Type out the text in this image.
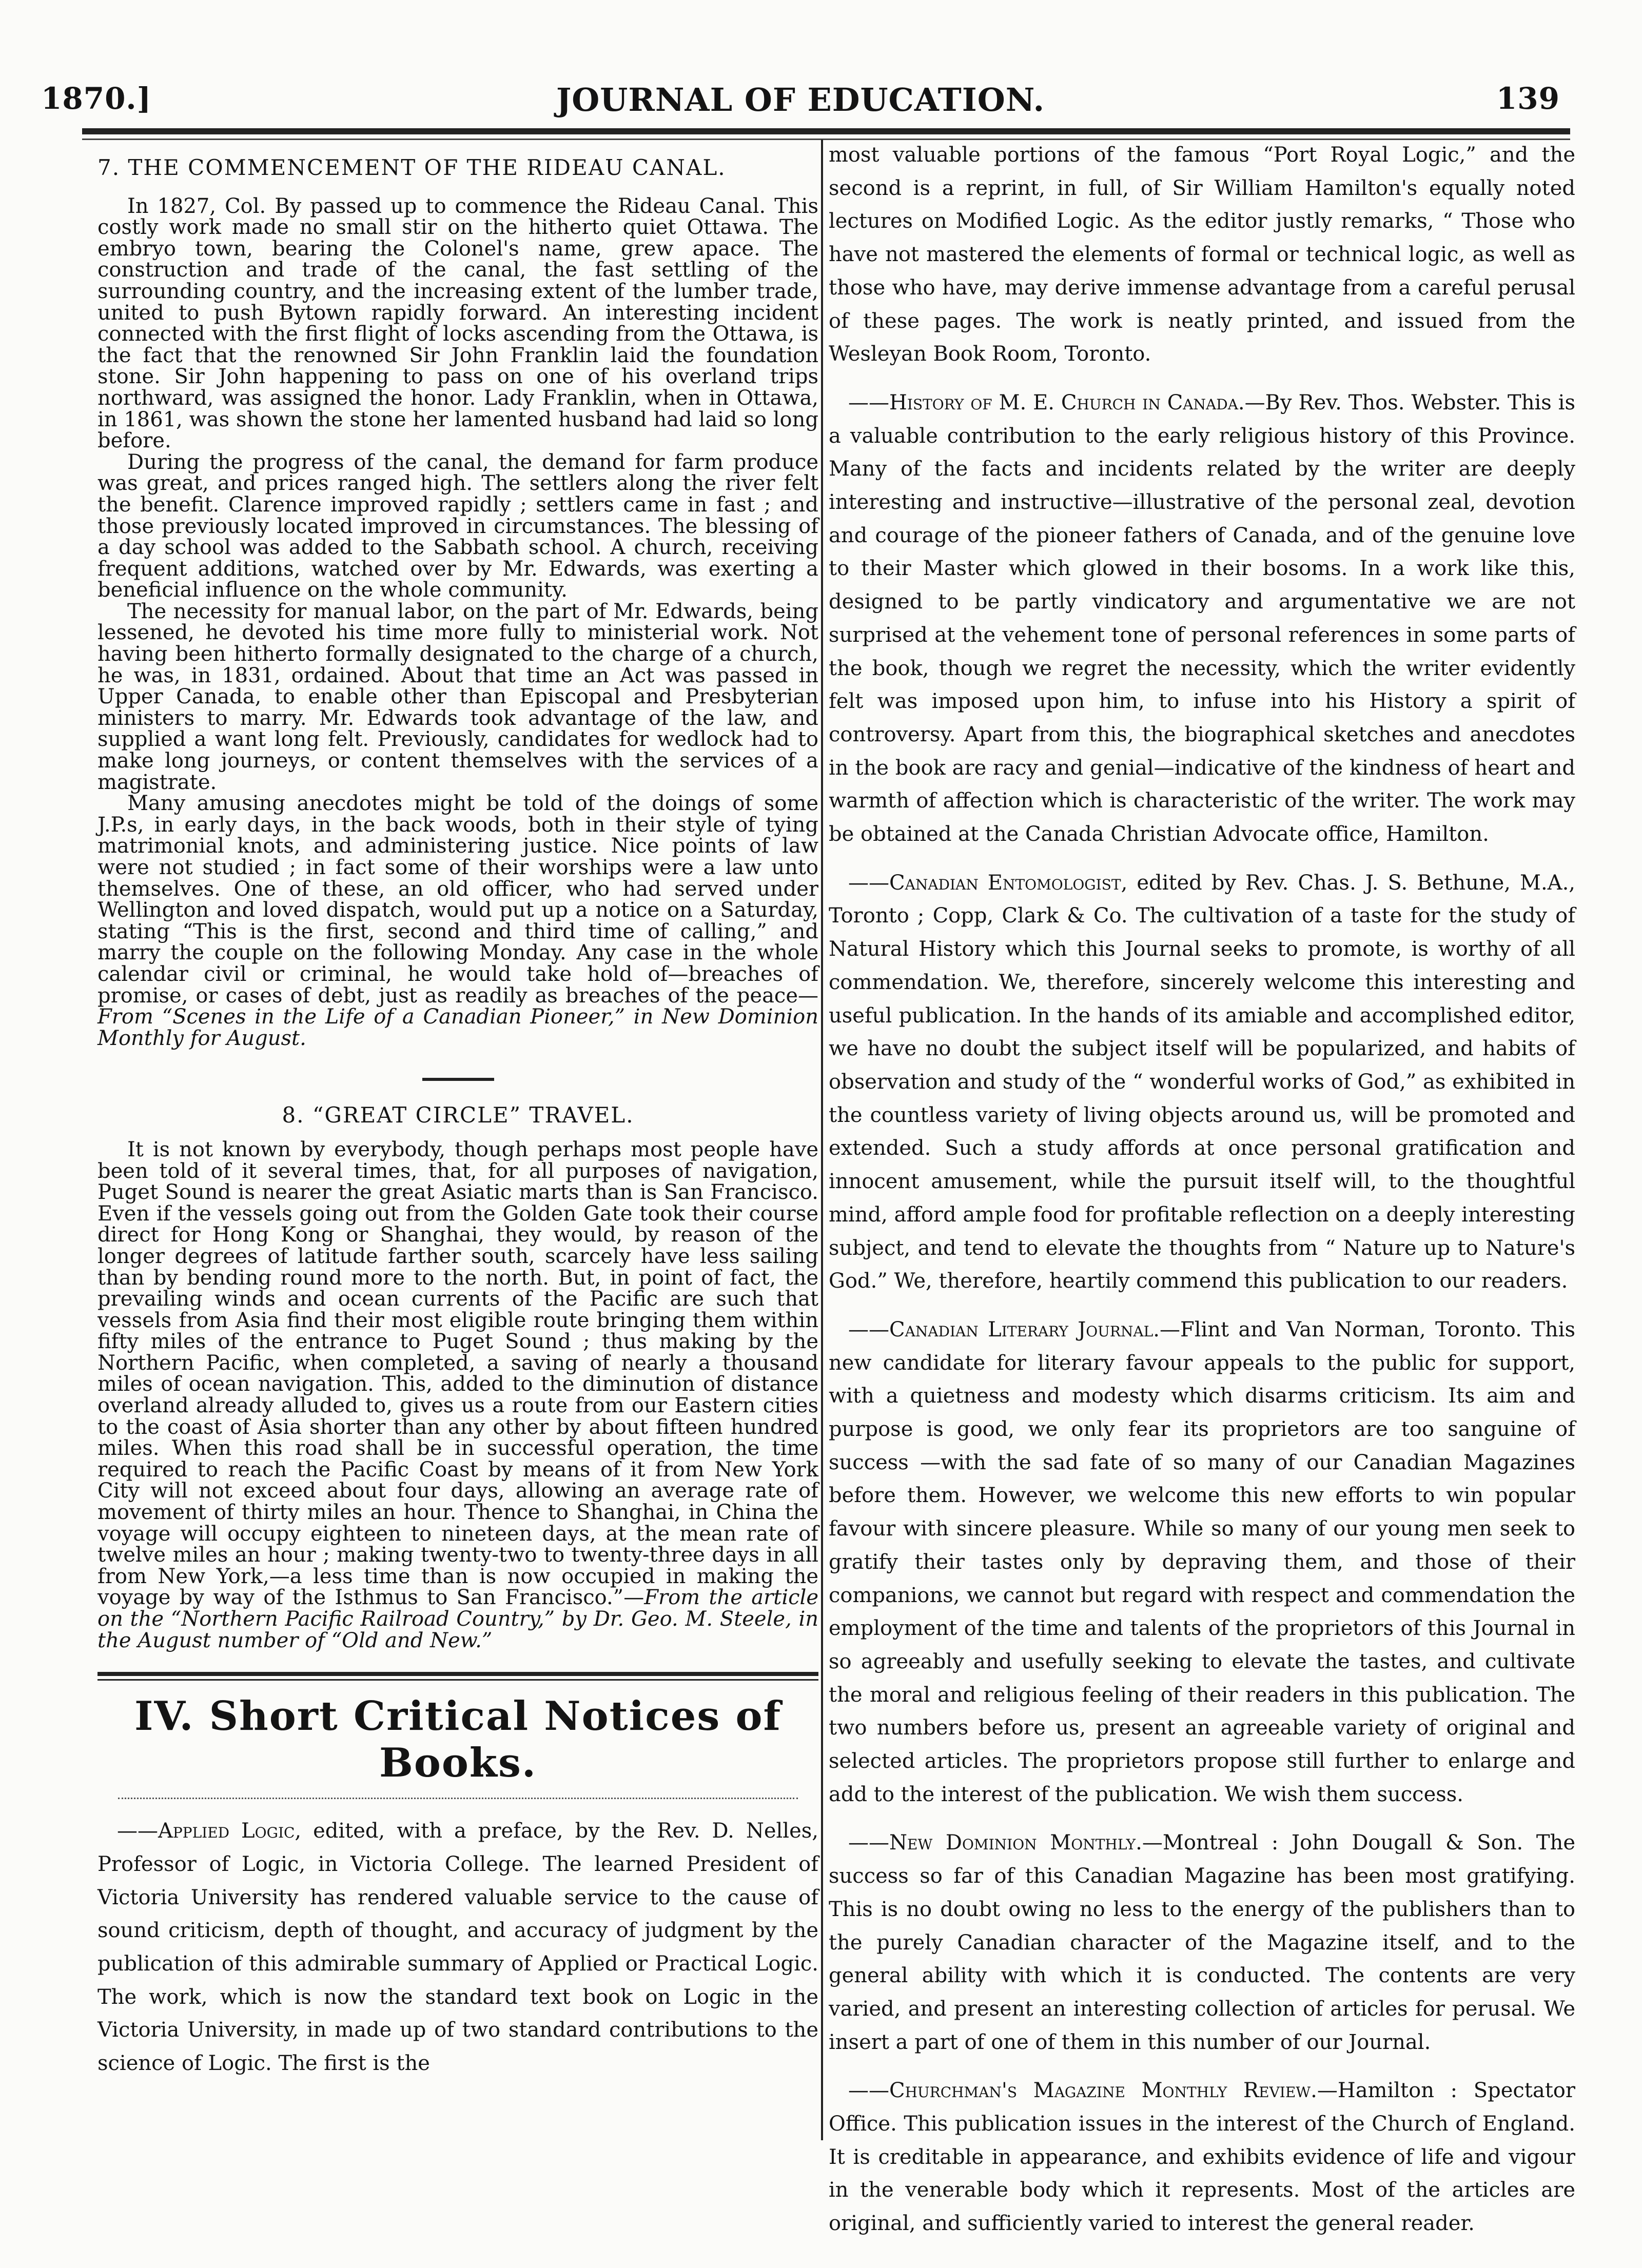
1870.]	JOURNAL OF EDUCATION.	139

7. THE COMMENCEMENT OF THE RIDEAU CANAL.

In 1827, Col. By passed up to commence the Rideau Canal. This costly work made no small stir on the hitherto quiet Ottawa. The embryo town, bearing the Colonel's name, grew apace. The construction and trade of the canal, the fast settling of the surrounding country, and the increasing extent of the lumber trade, united to push Bytown rapidly forward. An interesting incident connected with the first flight of locks ascending from the Ottawa, is the fact that the renowned Sir John Franklin laid the foundation stone. Sir John happening to pass on one of his overland trips northward, was assigned the honor. Lady Franklin, when in Ottawa, in 1861, was shown the stone her lamented husband had laid so long before.

During the progress of the canal, the demand for farm produce was great, and prices ranged high. The settlers along the river felt the benefit. Clarence improved rapidly ; settlers came in fast ; and those previously located improved in circumstances. The blessing of a day school was added to the Sabbath school. A church, receiving frequent additions, watched over by Mr. Edwards, was exerting a beneficial influence on the whole community.

The necessity for manual labor, on the part of Mr. Edwards, being lessened, he devoted his time more fully to ministerial work. Not having been hitherto formally designated to the charge of a church, he was, in 1831, ordained. About that time an Act was passed in Upper Canada, to enable other than Episcopal and Presbyterian ministers to marry. Mr. Edwards took advantage of the law, and supplied a want long felt. Previously, candidates for wedlock had to make long journeys, or content themselves with the services of a magistrate.

Many amusing anecdotes might be told of the doings of some J.P.s, in early days, in the back woods, both in their style of tying matrimonial knots, and administering justice. Nice points of law were not studied ; in fact some of their worships were a law unto themselves. One of these, an old officer, who had served under Wellington and loved dispatch, would put up a notice on a Saturday, stating “This is the first, second and third time of calling,” and marry the couple on the following Monday. Any case in the whole calendar civil or criminal, he would take hold of—breaches of promise, or cases of debt, just as readily as breaches of the peace—From “Scenes in the Life of a Canadian Pioneer,” in New Dominion Monthly for August.

8. “GREAT CIRCLE” TRAVEL.

It is not known by everybody, though perhaps most people have been told of it several times, that, for all purposes of navigation, Puget Sound is nearer the great Asiatic marts than is San Francisco. Even if the vessels going out from the Golden Gate took their course direct for Hong Kong or Shanghai, they would, by reason of the longer degrees of latitude farther south, scarcely have less sailing than by bending round more to the north. But, in point of fact, the prevailing winds and ocean currents of the Pacific are such that vessels from Asia find their most eligible route bringing them within fifty miles of the entrance to Puget Sound ; thus making by the Northern Pacific, when completed, a saving of nearly a thousand miles of ocean navigation. This, added to the diminution of distance overland already alluded to, gives us a route from our Eastern cities to the coast of Asia shorter than any other by about fifteen hundred miles. When this road shall be in successful operation, the time required to reach the Pacific Coast by means of it from New York City will not exceed about four days, allowing an average rate of movement of thirty miles an hour. Thence to Shanghai, in China the voyage will occupy eighteen to nineteen days, at the mean rate of twelve miles an hour ; making twenty-two to twenty-three days in all from New York,—a less time than is now occupied in making the voyage by way of the Isthmus to San Francisco.”—From the article on the “Northern Pacific Railroad Country,” by Dr. Geo. M. Steele, in the August number of “Old and New.”

IV. Short Critical Notices of Books.

——Applied Logic, edited, with a preface, by the Rev. D. Nelles, Professor of Logic, in Victoria College. The learned President of Victoria University has rendered valuable service to the cause of sound criticism, depth of thought, and accuracy of judgment by the publication of this admirable summary of Applied or Practical Logic. The work, which is now the standard text book on Logic in the Victoria University, in made up of two standard contributions to the science of Logic. The first is the

most valuable portions of the famous “Port Royal Logic,” and the second is a reprint, in full, of Sir William Hamilton's equally noted lectures on Modified Logic. As the editor justly remarks, “ Those who have not mastered the elements of formal or technical logic, as well as those who have, may derive immense advantage from a careful perusal of these pages. The work is neatly printed, and issued from the Wesleyan Book Room, Toronto.

——History of M. E. Church in Canada.—By Rev. Thos. Webster. This is a valuable contribution to the early religious history of this Province. Many of the facts and incidents related by the writer are deeply interesting and instructive—illustrative of the personal zeal, devotion and courage of the pioneer fathers of Canada, and of the genuine love to their Master which glowed in their bosoms. In a work like this, designed to be partly vindicatory and argumentative we are not surprised at the vehement tone of personal references in some parts of the book, though we regret the necessity, which the writer evidently felt was imposed upon him, to infuse into his History a spirit of controversy. Apart from this, the biographical sketches and anecdotes in the book are racy and genial—indicative of the kindness of heart and warmth of affection which is characteristic of the writer. The work may be obtained at the Canada Christian Advocate office, Hamilton.

——Canadian Entomologist, edited by Rev. Chas. J. S. Bethune, M.A., Toronto ; Copp, Clark & Co. The cultivation of a taste for the study of Natural History which this Journal seeks to promote, is worthy of all commendation. We, therefore, sincerely welcome this interesting and useful publication. In the hands of its amiable and accomplished editor, we have no doubt the subject itself will be popularized, and habits of observation and study of the “ wonderful works of God,” as exhibited in the countless variety of living objects around us, will be promoted and extended. Such a study affords at once personal gratification and innocent amusement, while the pursuit itself will, to the thoughtful mind, afford ample food for profitable reflection on a deeply interesting subject, and tend to elevate the thoughts from “ Nature up to Nature's God.” We, therefore, heartily commend this publication to our readers.

——Canadian Literary Journal.—Flint and Van Norman, Toronto. This new candidate for literary favour appeals to the public for support, with a quietness and modesty which disarms criticism. Its aim and purpose is good, we only fear its proprietors are too sanguine of success —with the sad fate of so many of our Canadian Magazines before them. However, we welcome this new efforts to win popular favour with sincere pleasure. While so many of our young men seek to gratify their tastes only by depraving them, and those of their companions, we cannot but regard with respect and commendation the employment of the time and talents of the proprietors of this Journal in so agreeably and usefully seeking to elevate the tastes, and cultivate the moral and religious feeling of their readers in this publication. The two numbers before us, present an agreeable variety of original and selected articles. The proprietors propose still further to enlarge and add to the interest of the publication. We wish them success.

——New Dominion Monthly.—Montreal : John Dougall & Son. The success so far of this Canadian Magazine has been most gratifying. This is no doubt owing no less to the energy of the publishers than to the purely Canadian character of the Magazine itself, and to the general ability with which it is conducted. The contents are very varied, and present an interesting collection of articles for perusal. We insert a part of one of them in this number of our Journal.

——Churchman's Magazine Monthly Review.—Hamilton : Spectator Office. This publication issues in the interest of the Church of England. It is creditable in appearance, and exhibits evidence of life and vigour in the venerable body which it represents. Most of the articles are original, and sufficiently varied to interest the general reader.
